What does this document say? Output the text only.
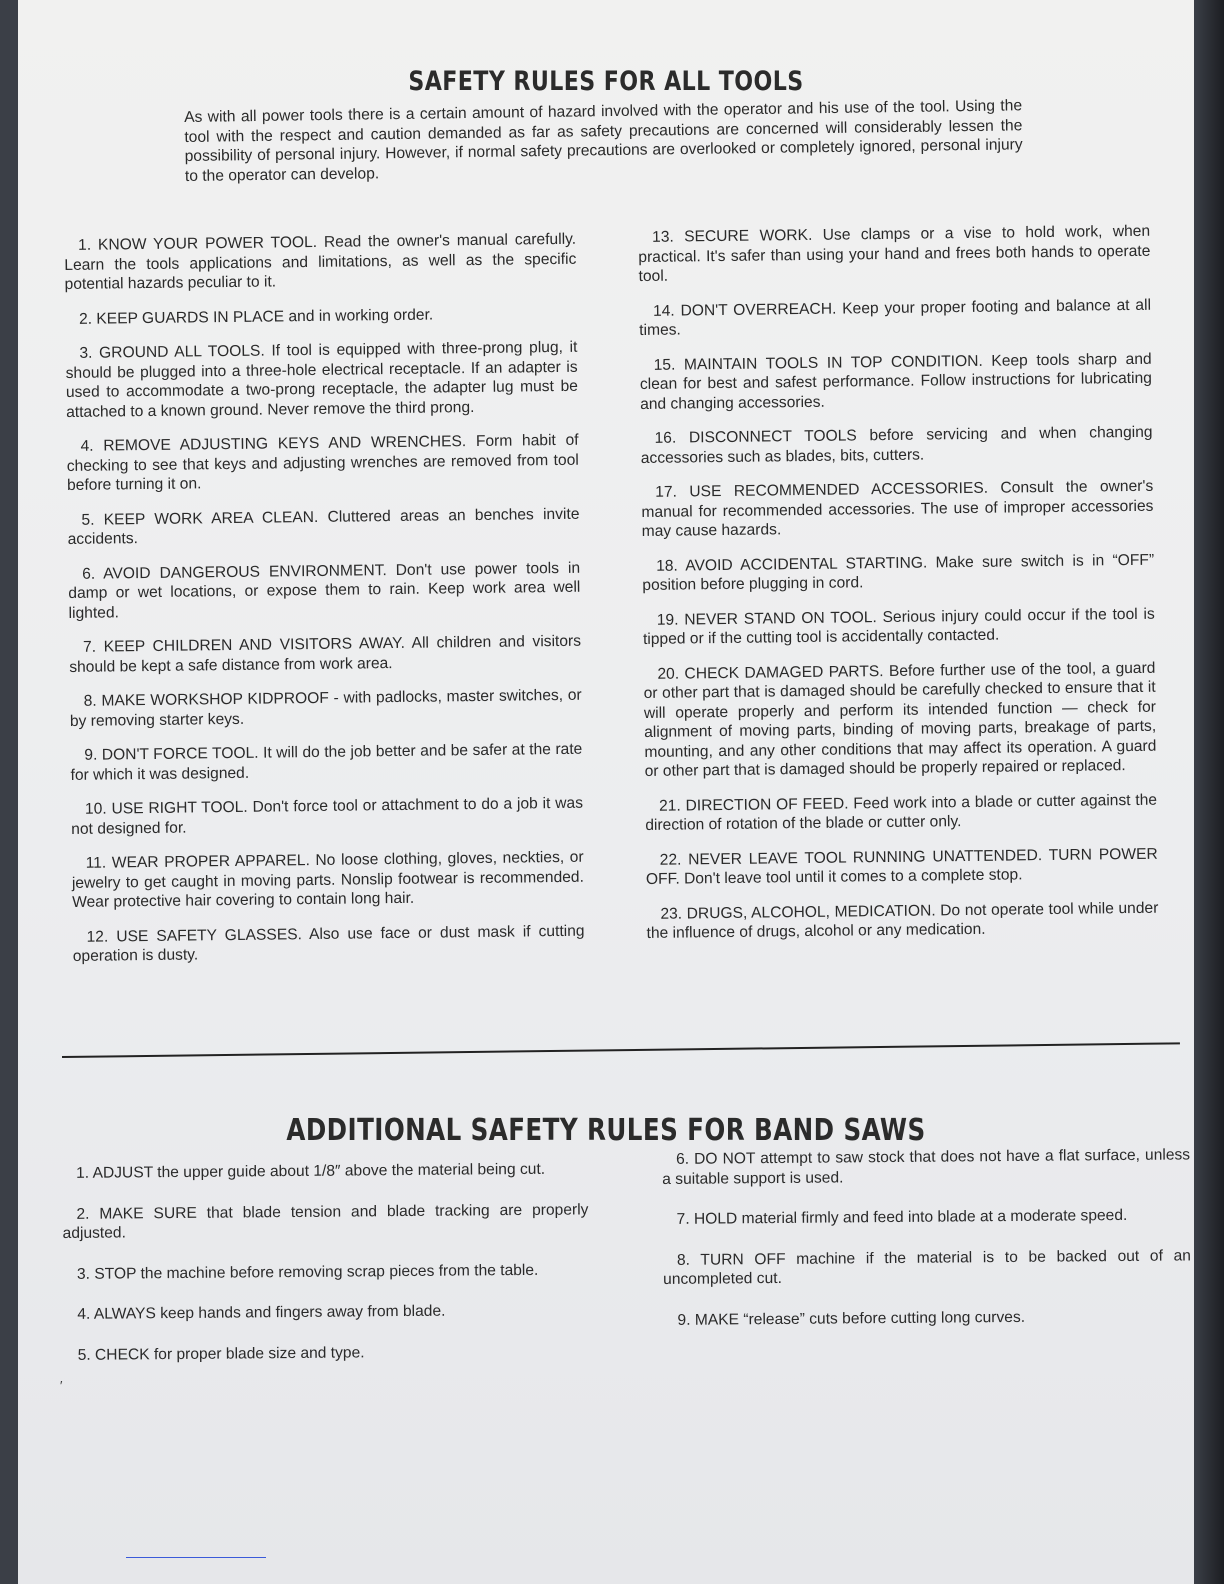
SAFETY RULES FOR ALL TOOLS

As with all power tools there is a certain amount of hazard involved with the operator and his use of the tool. Using the tool with the respect and caution demanded as far as safety precautions are concerned will considerably lessen the possibility of personal injury. However, if normal safety precautions are overlooked or completely ignored, personal injury to the operator can develop.

1. KNOW YOUR POWER TOOL. Read the owner's manual carefully. Learn the tools applications and limitations, as well as the specific potential hazards peculiar to it.

2. KEEP GUARDS IN PLACE and in working order.

3. GROUND ALL TOOLS. If tool is equipped with three-prong plug, it should be plugged into a three-hole electrical receptacle. If an adapter is used to accommodate a two-prong receptacle, the adapter lug must be attached to a known ground. Never remove the third prong.

4. REMOVE ADJUSTING KEYS AND WRENCHES. Form habit of checking to see that keys and adjusting wrenches are removed from tool before turning it on.

5. KEEP WORK AREA CLEAN. Cluttered areas an benches invite accidents.

6. AVOID DANGEROUS ENVIRONMENT. Don't use power tools in damp or wet locations, or expose them to rain. Keep work area well lighted.

7. KEEP CHILDREN AND VISITORS AWAY. All children and visitors should be kept a safe distance from work area.

8. MAKE WORKSHOP KIDPROOF - with padlocks, master switches, or by removing starter keys.

9. DON'T FORCE TOOL. It will do the job better and be safer at the rate for which it was designed.

10. USE RIGHT TOOL. Don't force tool or attachment to do a job it was not designed for.

11. WEAR PROPER APPAREL. No loose clothing, gloves, neckties, or jewelry to get caught in moving parts. Nonslip footwear is recommended. Wear protective hair covering to contain long hair.

12. USE SAFETY GLASSES. Also use face or dust mask if cutting operation is dusty.

13. SECURE WORK. Use clamps or a vise to hold work, when practical. It's safer than using your hand and frees both hands to operate tool.

14. DON'T OVERREACH. Keep your proper footing and balance at all times.

15. MAINTAIN TOOLS IN TOP CONDITION. Keep tools sharp and clean for best and safest performance. Follow instructions for lubricating and changing accessories.

16. DISCONNECT TOOLS before servicing and when changing accessories such as blades, bits, cutters.

17. USE RECOMMENDED ACCESSORIES. Consult the owner's manual for recommended accessories. The use of improper accessories may cause hazards.

18. AVOID ACCIDENTAL STARTING. Make sure switch is in “OFF” position before plugging in cord.

19. NEVER STAND ON TOOL. Serious injury could occur if the tool is tipped or if the cutting tool is accidentally contacted.

20. CHECK DAMAGED PARTS. Before further use of the tool, a guard or other part that is damaged should be carefully checked to ensure that it will operate properly and perform its intended function — check for alignment of moving parts, binding of moving parts, breakage of parts, mounting, and any other conditions that may affect its operation. A guard or other part that is damaged should be properly repaired or replaced.

21. DIRECTION OF FEED. Feed work into a blade or cutter against the direction of rotation of the blade or cutter only.

22. NEVER LEAVE TOOL RUNNING UNATTENDED. TURN POWER OFF. Don't leave tool until it comes to a complete stop.

23. DRUGS, ALCOHOL, MEDICATION. Do not operate tool while under the influence of drugs, alcohol or any medication.

ADDITIONAL SAFETY RULES FOR BAND SAWS

1. ADJUST the upper guide about 1/8″ above the material being cut.

2. MAKE SURE that blade tension and blade tracking are properly adjusted.

3. STOP the machine before removing scrap pieces from the table.

4. ALWAYS keep hands and fingers away from blade.

5. CHECK for proper blade size and type.

6. DO NOT attempt to saw stock that does not have a flat surface, unless a suitable support is used.

7. HOLD material firmly and feed into blade at a moderate speed.

8. TURN OFF machine if the material is to be backed out of an uncompleted cut.

9. MAKE “release” cuts before cutting long curves.

′
